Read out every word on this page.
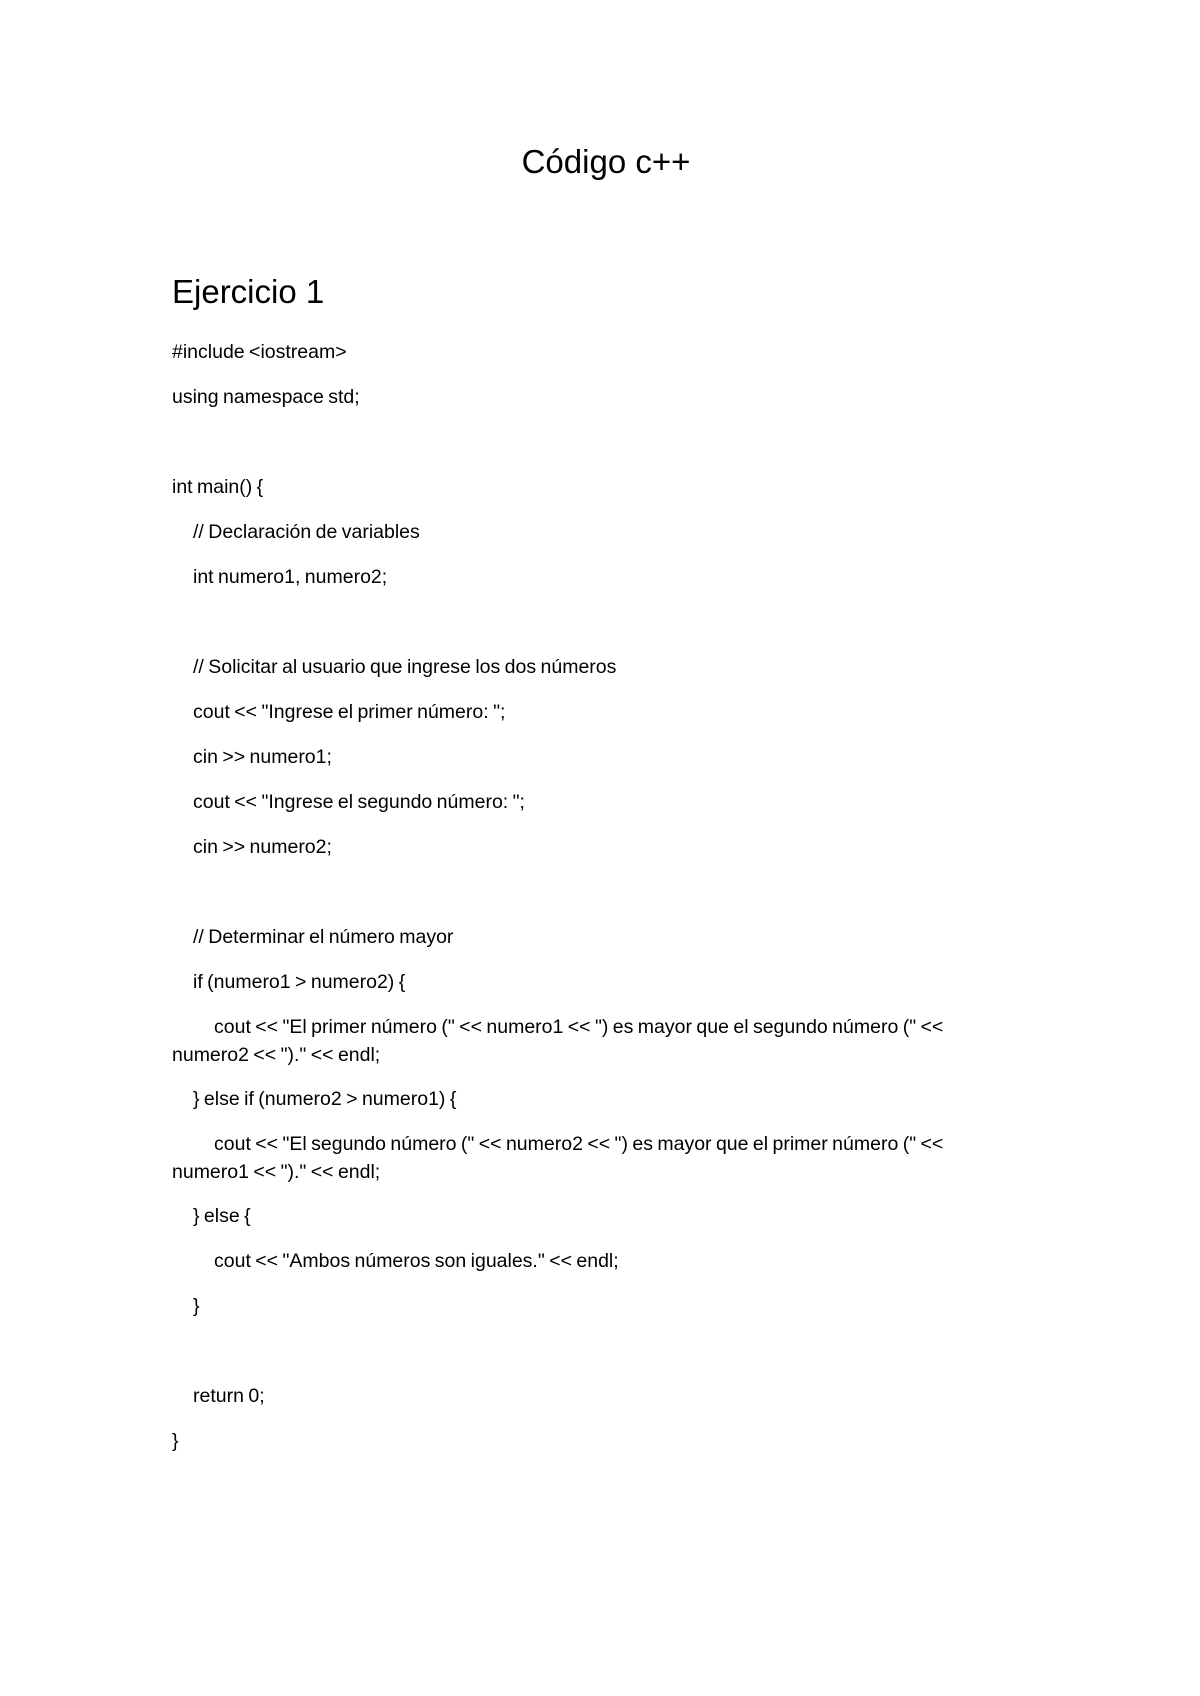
Código c++
Ejercicio 1
#include <iostream>
using namespace std;
int main() {
// Declaración de variables
int numero1, numero2;
// Solicitar al usuario que ingrese los dos números
cout << "Ingrese el primer número: ";
cin >> numero1;
cout << "Ingrese el segundo número: ";
cin >> numero2;
// Determinar el número mayor
if (numero1 > numero2) {
cout << "El primer número (" << numero1 << ") es mayor que el segundo número (" << numero2 << ")." << endl;
} else if (numero2 > numero1) {
cout << "El segundo número (" << numero2 << ") es mayor que el primer número (" << numero1 << ")." << endl;
} else {
cout << "Ambos números son iguales." << endl;
}
return 0;
}
